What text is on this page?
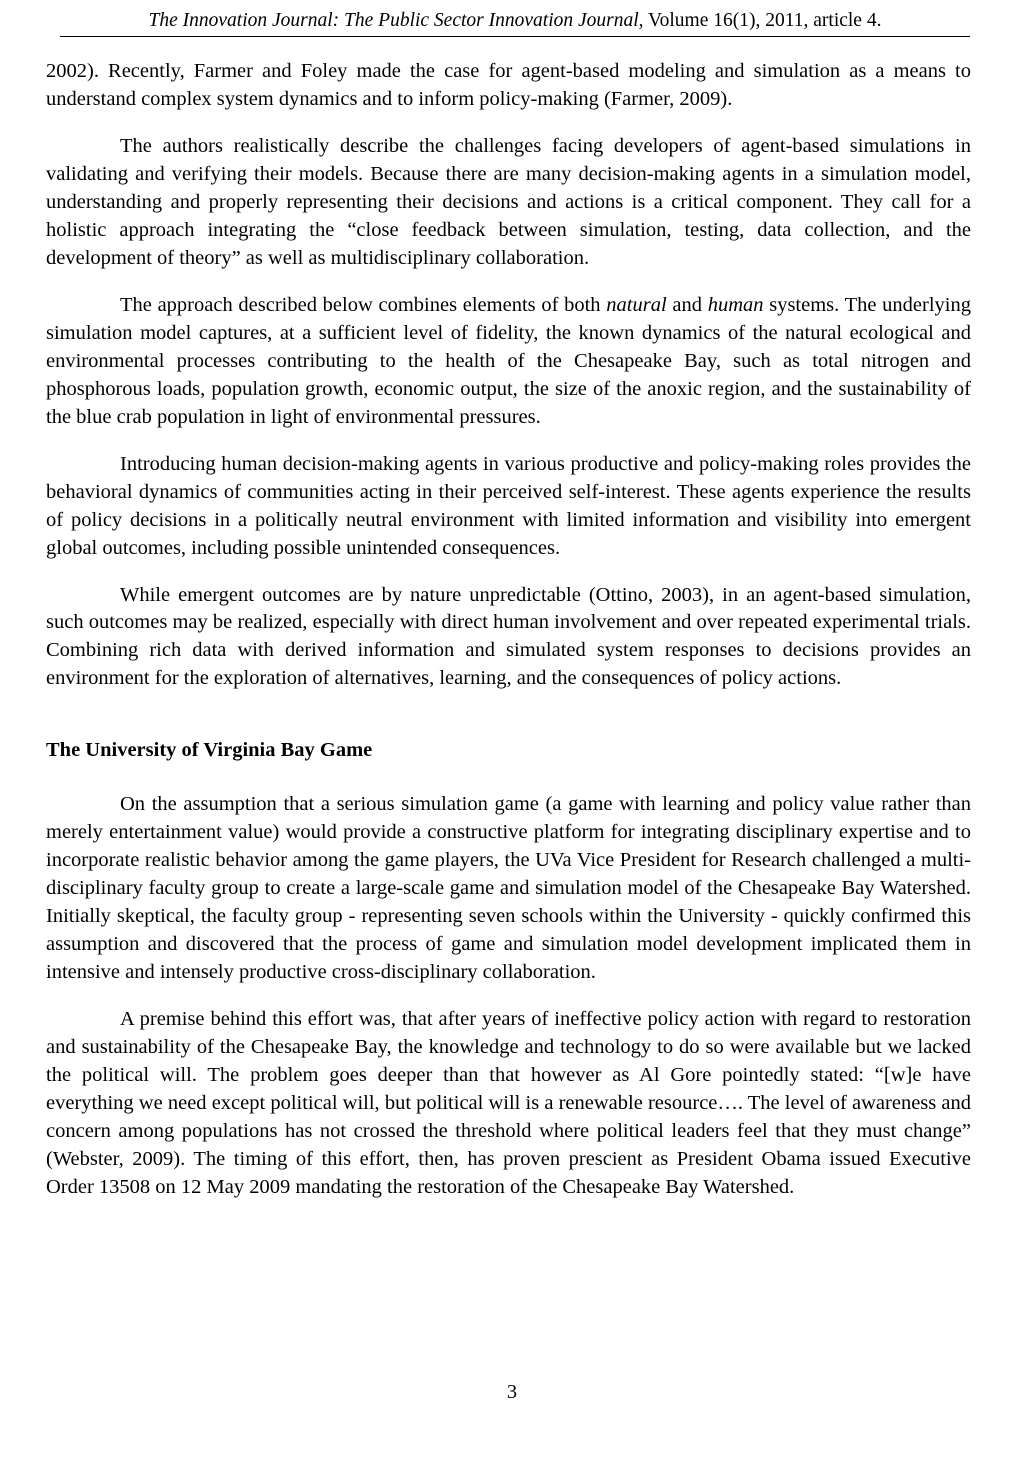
The Innovation Journal: The Public Sector Innovation Journal, Volume 16(1), 2011, article 4.

2002). Recently, Farmer and Foley made the case for agent-based modeling and simulation as a means to understand complex system dynamics and to inform policy-making (Farmer, 2009).

The authors realistically describe the challenges facing developers of agent-based simulations in validating and verifying their models. Because there are many decision-making agents in a simulation model, understanding and properly representing their decisions and actions is a critical component. They call for a holistic approach integrating the “close feedback between simulation, testing, data collection, and the development of theory” as well as multidisciplinary collaboration.

The approach described below combines elements of both natural and human systems. The underlying simulation model captures, at a sufficient level of fidelity, the known dynamics of the natural ecological and environmental processes contributing to the health of the Chesapeake Bay, such as total nitrogen and phosphorous loads, population growth, economic output, the size of the anoxic region, and the sustainability of the blue crab population in light of environmental pressures.

Introducing human decision-making agents in various productive and policy-making roles provides the behavioral dynamics of communities acting in their perceived self-interest. These agents experience the results of policy decisions in a politically neutral environment with limited information and visibility into emergent global outcomes, including possible unintended consequences.

While emergent outcomes are by nature unpredictable (Ottino, 2003), in an agent-based simulation, such outcomes may be realized, especially with direct human involvement and over repeated experimental trials. Combining rich data with derived information and simulated system responses to decisions provides an environment for the exploration of alternatives, learning, and the consequences of policy actions.

The University of Virginia Bay Game

On the assumption that a serious simulation game (a game with learning and policy value rather than merely entertainment value) would provide a constructive platform for integrating disciplinary expertise and to incorporate realistic behavior among the game players, the UVa Vice President for Research challenged a multi-disciplinary faculty group to create a large-scale game and simulation model of the Chesapeake Bay Watershed. Initially skeptical, the faculty group - representing seven schools within the University - quickly confirmed this assumption and discovered that the process of game and simulation model development implicated them in intensive and intensely productive cross-disciplinary collaboration.

A premise behind this effort was, that after years of ineffective policy action with regard to restoration and sustainability of the Chesapeake Bay, the knowledge and technology to do so were available but we lacked the political will. The problem goes deeper than that however as Al Gore pointedly stated: “[w]e have everything we need except political will, but political will is a renewable resource…. The level of awareness and concern among populations has not crossed the threshold where political leaders feel that they must change” (Webster, 2009). The timing of this effort, then, has proven prescient as President Obama issued Executive Order 13508 on 12 May 2009 mandating the restoration of the Chesapeake Bay Watershed.

3
